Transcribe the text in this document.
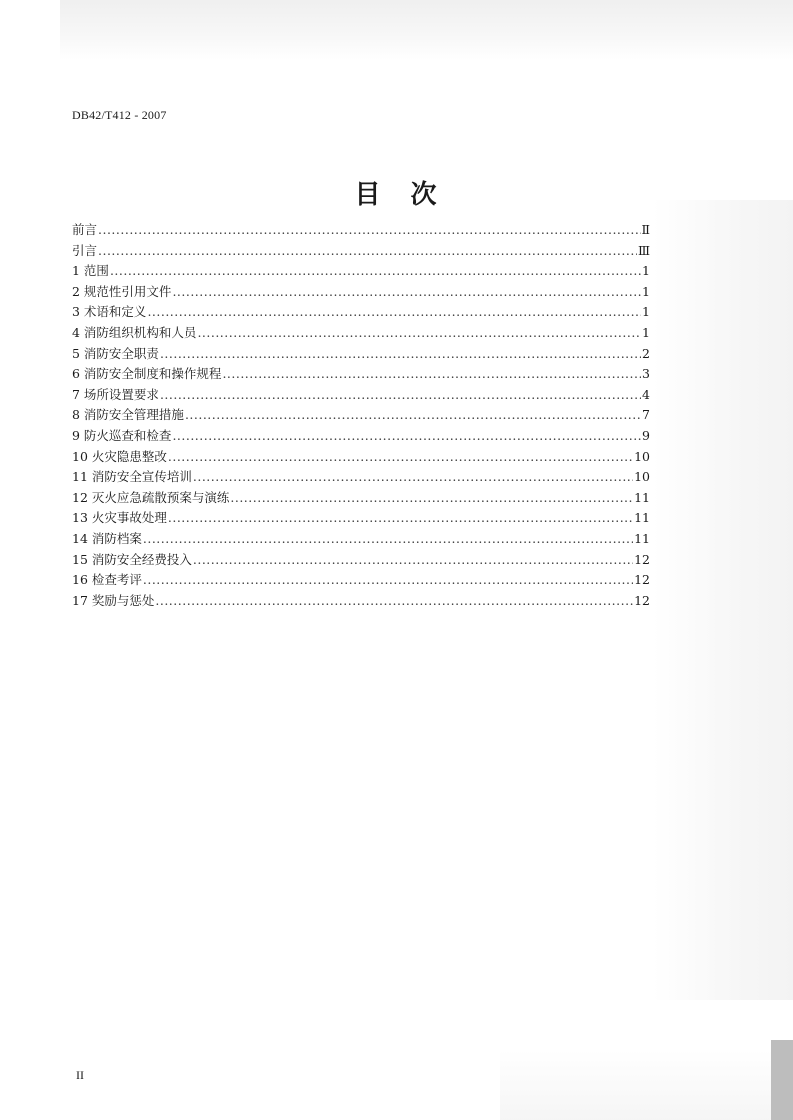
DB42/T412 - 2007
目　次
前言 .....	Ⅱ
引言 .....	Ⅲ
1 范围 .....	1
2 规范性引用文件 .....	1
3 术语和定义 .....	1
4 消防组织机构和人员 .....	1
5 消防安全职责 .....	2
6 消防安全制度和操作规程 .....	3
7 场所设置要求 .....	4
8 消防安全管理措施 .....	7
9 防火巡查和检查 .....	9
10 火灾隐患整改 .....	10
11 消防安全宣传培训 .....	10
12 灭火应急疏散预案与演练 .....	11
13 火灾事故处理 .....	11
14 消防档案 .....	11
15 消防安全经费投入 .....	12
16 检查考评 .....	12
17 奖励与惩处 .....	12
II
